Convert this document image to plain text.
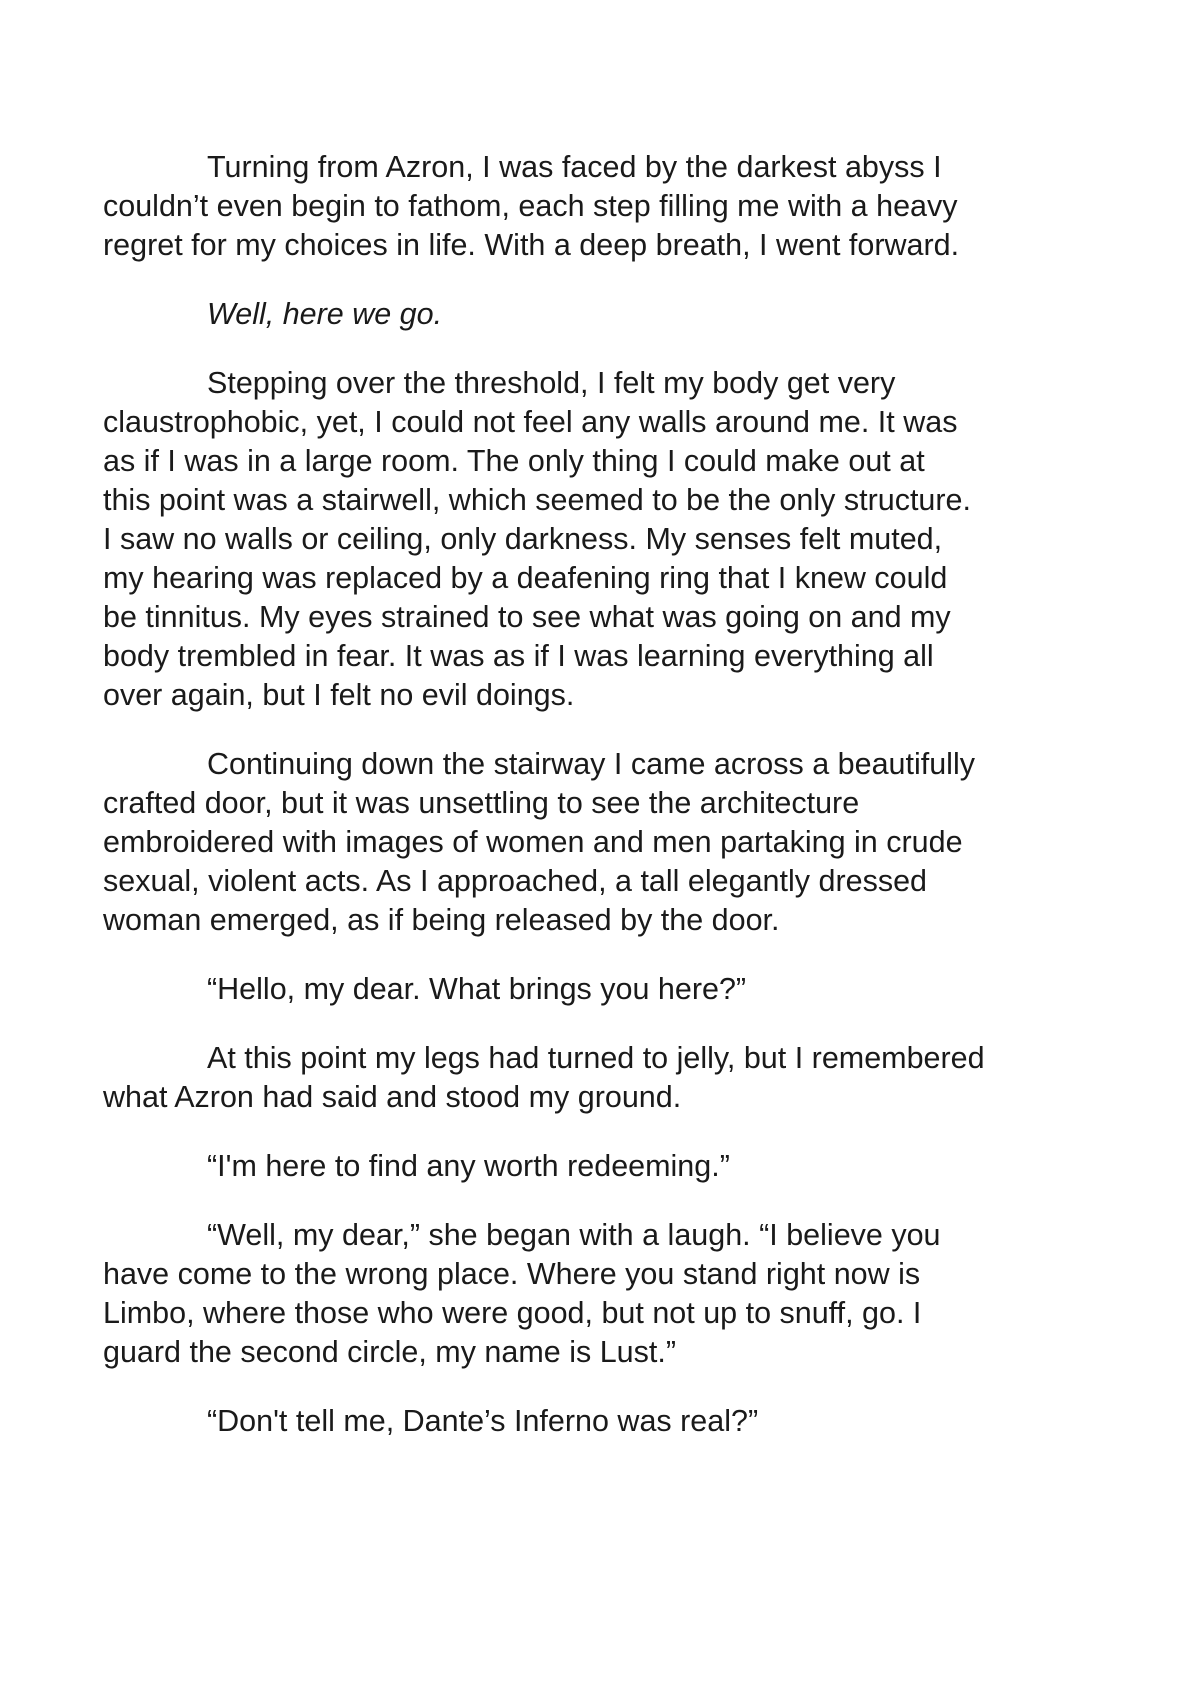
Turning from Azron, I was faced by the darkest abyss I
couldn’t even begin to fathom, each step filling me with a heavy
regret for my choices in life. With a deep breath, I went forward.

Well, here we go.

Stepping over the threshold, I felt my body get very
claustrophobic, yet, I could not feel any walls around me. It was
as if I was in a large room. The only thing I could make out at
this point was a stairwell, which seemed to be the only structure.
I saw no walls or ceiling, only darkness. My senses felt muted,
my hearing was replaced by a deafening ring that I knew could
be tinnitus. My eyes strained to see what was going on and my
body trembled in fear. It was as if I was learning everything all
over again, but I felt no evil doings.

Continuing down the stairway I came across a beautifully
crafted door, but it was unsettling to see the architecture
embroidered with images of women and men partaking in crude
sexual, violent acts. As I approached, a tall elegantly dressed
woman emerged, as if being released by the door.

“Hello, my dear. What brings you here?”

At this point my legs had turned to jelly, but I remembered
what Azron had said and stood my ground.

“I'm here to find any worth redeeming.”

“Well, my dear,” she began with a laugh. “I believe you
have come to the wrong place. Where you stand right now is
Limbo, where those who were good, but not up to snuff, go. I
guard the second circle, my name is Lust.”

“Don't tell me, Dante’s Inferno was real?”
